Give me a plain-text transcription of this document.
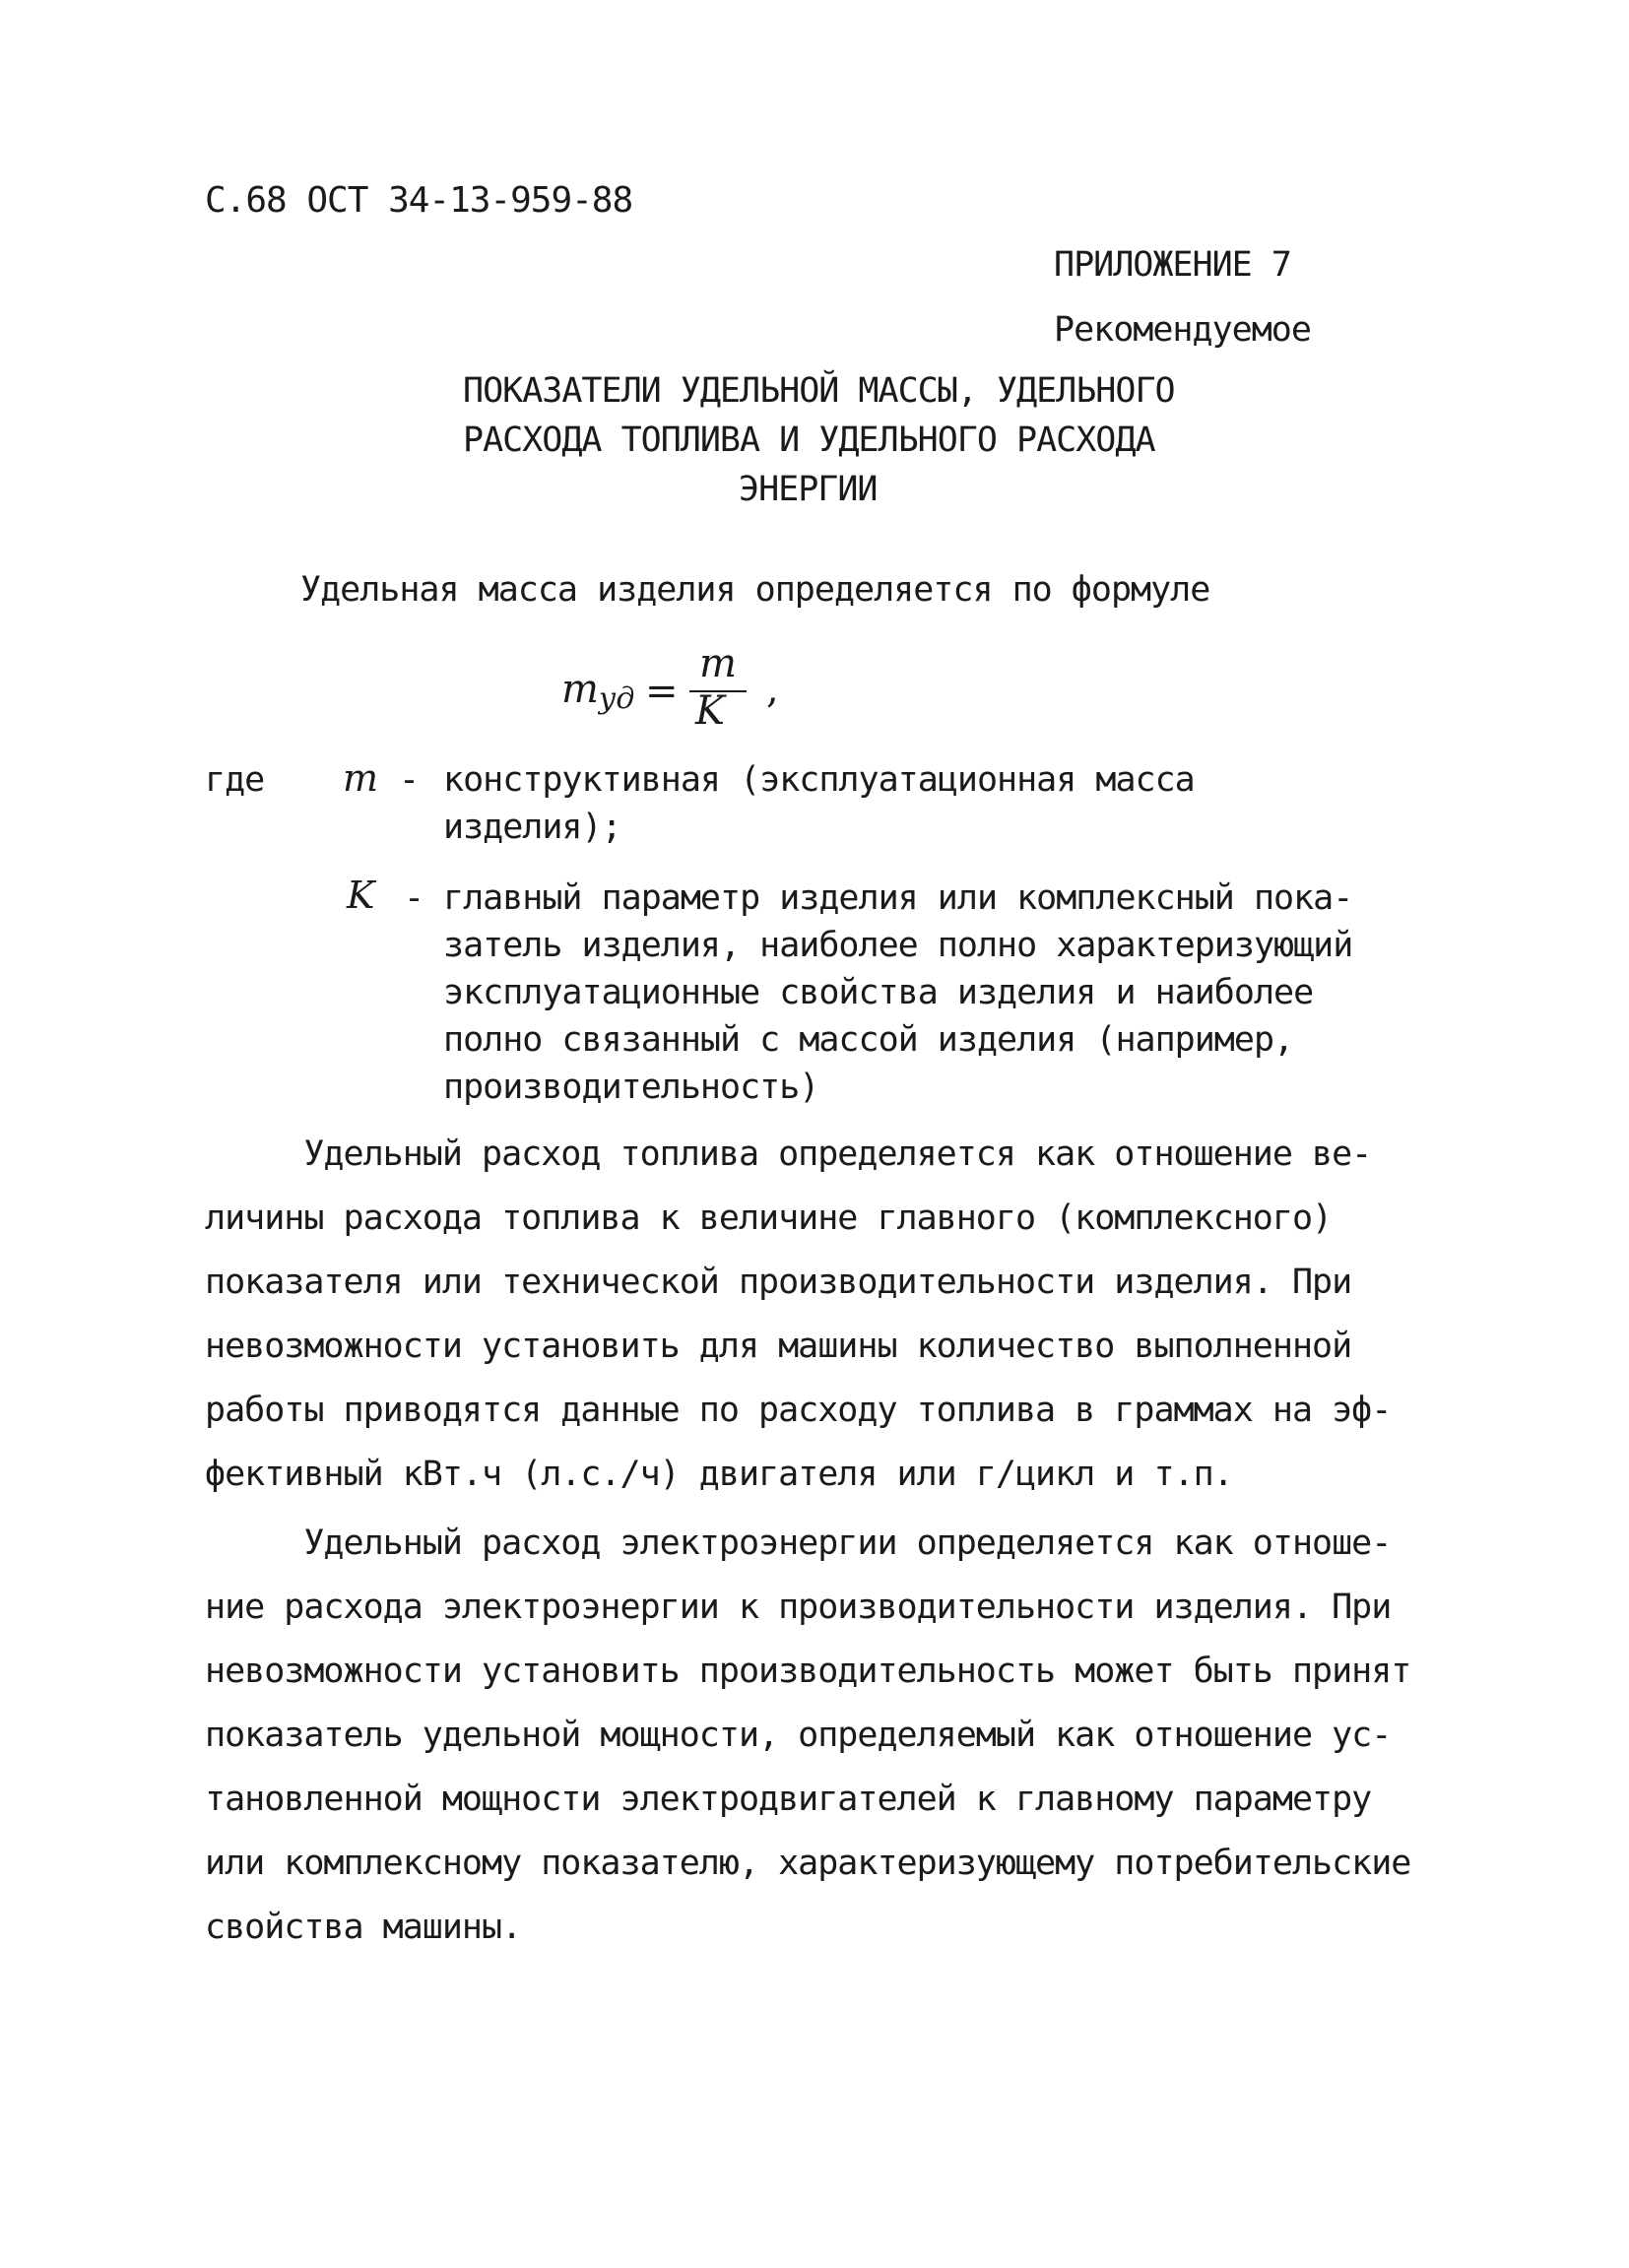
С.68 ОСТ 34-13-959-88
ПРИЛОЖЕНИЕ 7
Рекомендуемое
ПОКАЗАТЕЛИ УДЕЛЬНОЙ МАССЫ, УДЕЛЬНОГО
РАСХОДА ТОПЛИВА И УДЕЛЬНОГО РАСХОДА
ЭНЕРГИИ
Удельная масса изделия определяется по формуле
$m_{уд}$ =
m
K ,
где m - конструктивная (эксплуатационная масса
изделия);
K - главный параметр изделия или комплексный пока-
затель изделия, наиболее полно характеризующий
эксплуатационные свойства изделия и наиболее
полно связанный с массой изделия (например,
производительность)
Удельный расход топлива определяется как отношение ве-
личины расхода топлива к величине главного (комплексного)
показателя или технической производительности изделия. При
невозможности установить для машины количество выполненной
работы приводятся данные по расходу топлива в граммах на эф-
фективный кВт.ч (л.с./ч) двигателя или г/цикл и т.п.
Удельный расход электроэнергии определяется как отноше-
ние расхода электроэнергии к производительности изделия. При
невозможности установить производительность может быть принят
показатель удельной мощности, определяемый как отношение ус-
тановленной мощности электродвигателей к главному параметру
или комплексному показателю, характеризующему потребительские
свойства машины.
